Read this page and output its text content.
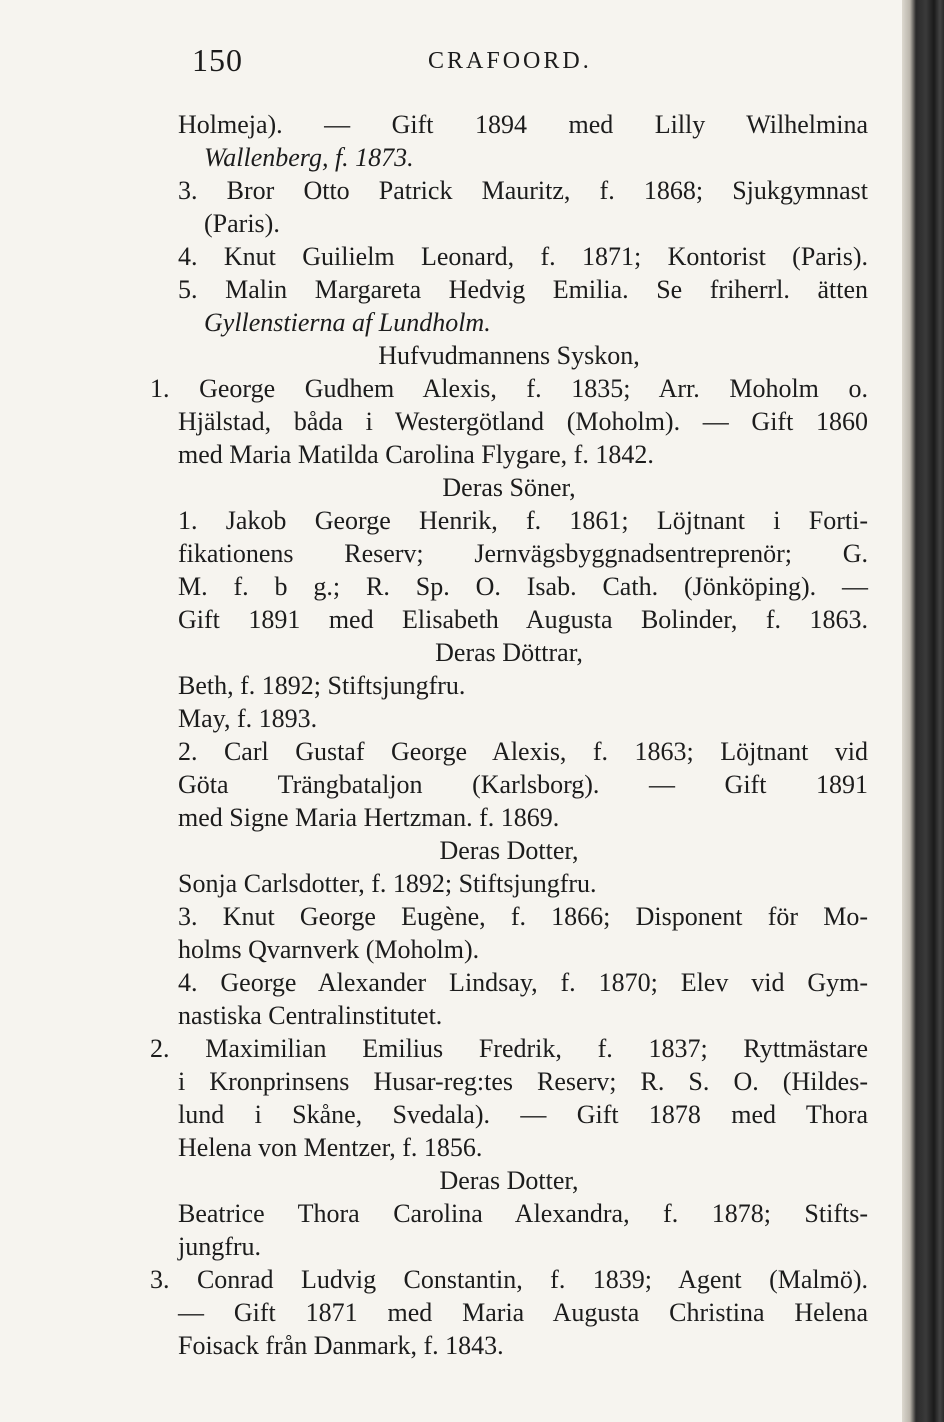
150	CRAFOORD.
Holmeja). — Gift 1894 med Lilly Wilhelmina
Wallenberg, f. 1873.
3. Bror Otto Patrick Mauritz, f. 1868; Sjukgymnast
(Paris).
4. Knut Guilielm Leonard, f. 1871; Kontorist (Paris).
5. Malin Margareta Hedvig Emilia. Se friherrl. ätten
Gyllenstierna af Lundholm.
Hufvudmannens Syskon,
1. George Gudhem Alexis, f. 1835; Arr. Moholm o.
Hjälstad, båda i Westergötland (Moholm). — Gift 1860
med Maria Matilda Carolina Flygare, f. 1842.
Deras Söner,
1. Jakob George Henrik, f. 1861; Löjtnant i Forti-
fikationens Reserv; Jernvägsbyggnadsentreprenör; G.
M. f. b g.; R. Sp. O. Isab. Cath. (Jönköping). —
Gift 1891 med Elisabeth Augusta Bolinder, f. 1863.
Deras Döttrar,
Beth, f. 1892; Stiftsjungfru.
May, f. 1893.
2. Carl Gustaf George Alexis, f. 1863; Löjtnant vid
Göta Trängbataljon (Karlsborg). — Gift 1891
med Signe Maria Hertzman. f. 1869.
Deras Dotter,
Sonja Carlsdotter, f. 1892; Stiftsjungfru.
3. Knut George Eugène, f. 1866; Disponent för Mo-
holms Qvarnverk (Moholm).
4. George Alexander Lindsay, f. 1870; Elev vid Gym-
nastiska Centralinstitutet.
2. Maximilian Emilius Fredrik, f. 1837; Ryttmästare
i Kronprinsens Husar-reg:tes Reserv; R. S. O. (Hildes-
lund i Skåne, Svedala). — Gift 1878 med Thora
Helena von Mentzer, f. 1856.
Deras Dotter,
Beatrice Thora Carolina Alexandra, f. 1878; Stifts-
jungfru.
3. Conrad Ludvig Constantin, f. 1839; Agent (Malmö).
— Gift 1871 med Maria Augusta Christina Helena
Foisack från Danmark, f. 1843.
